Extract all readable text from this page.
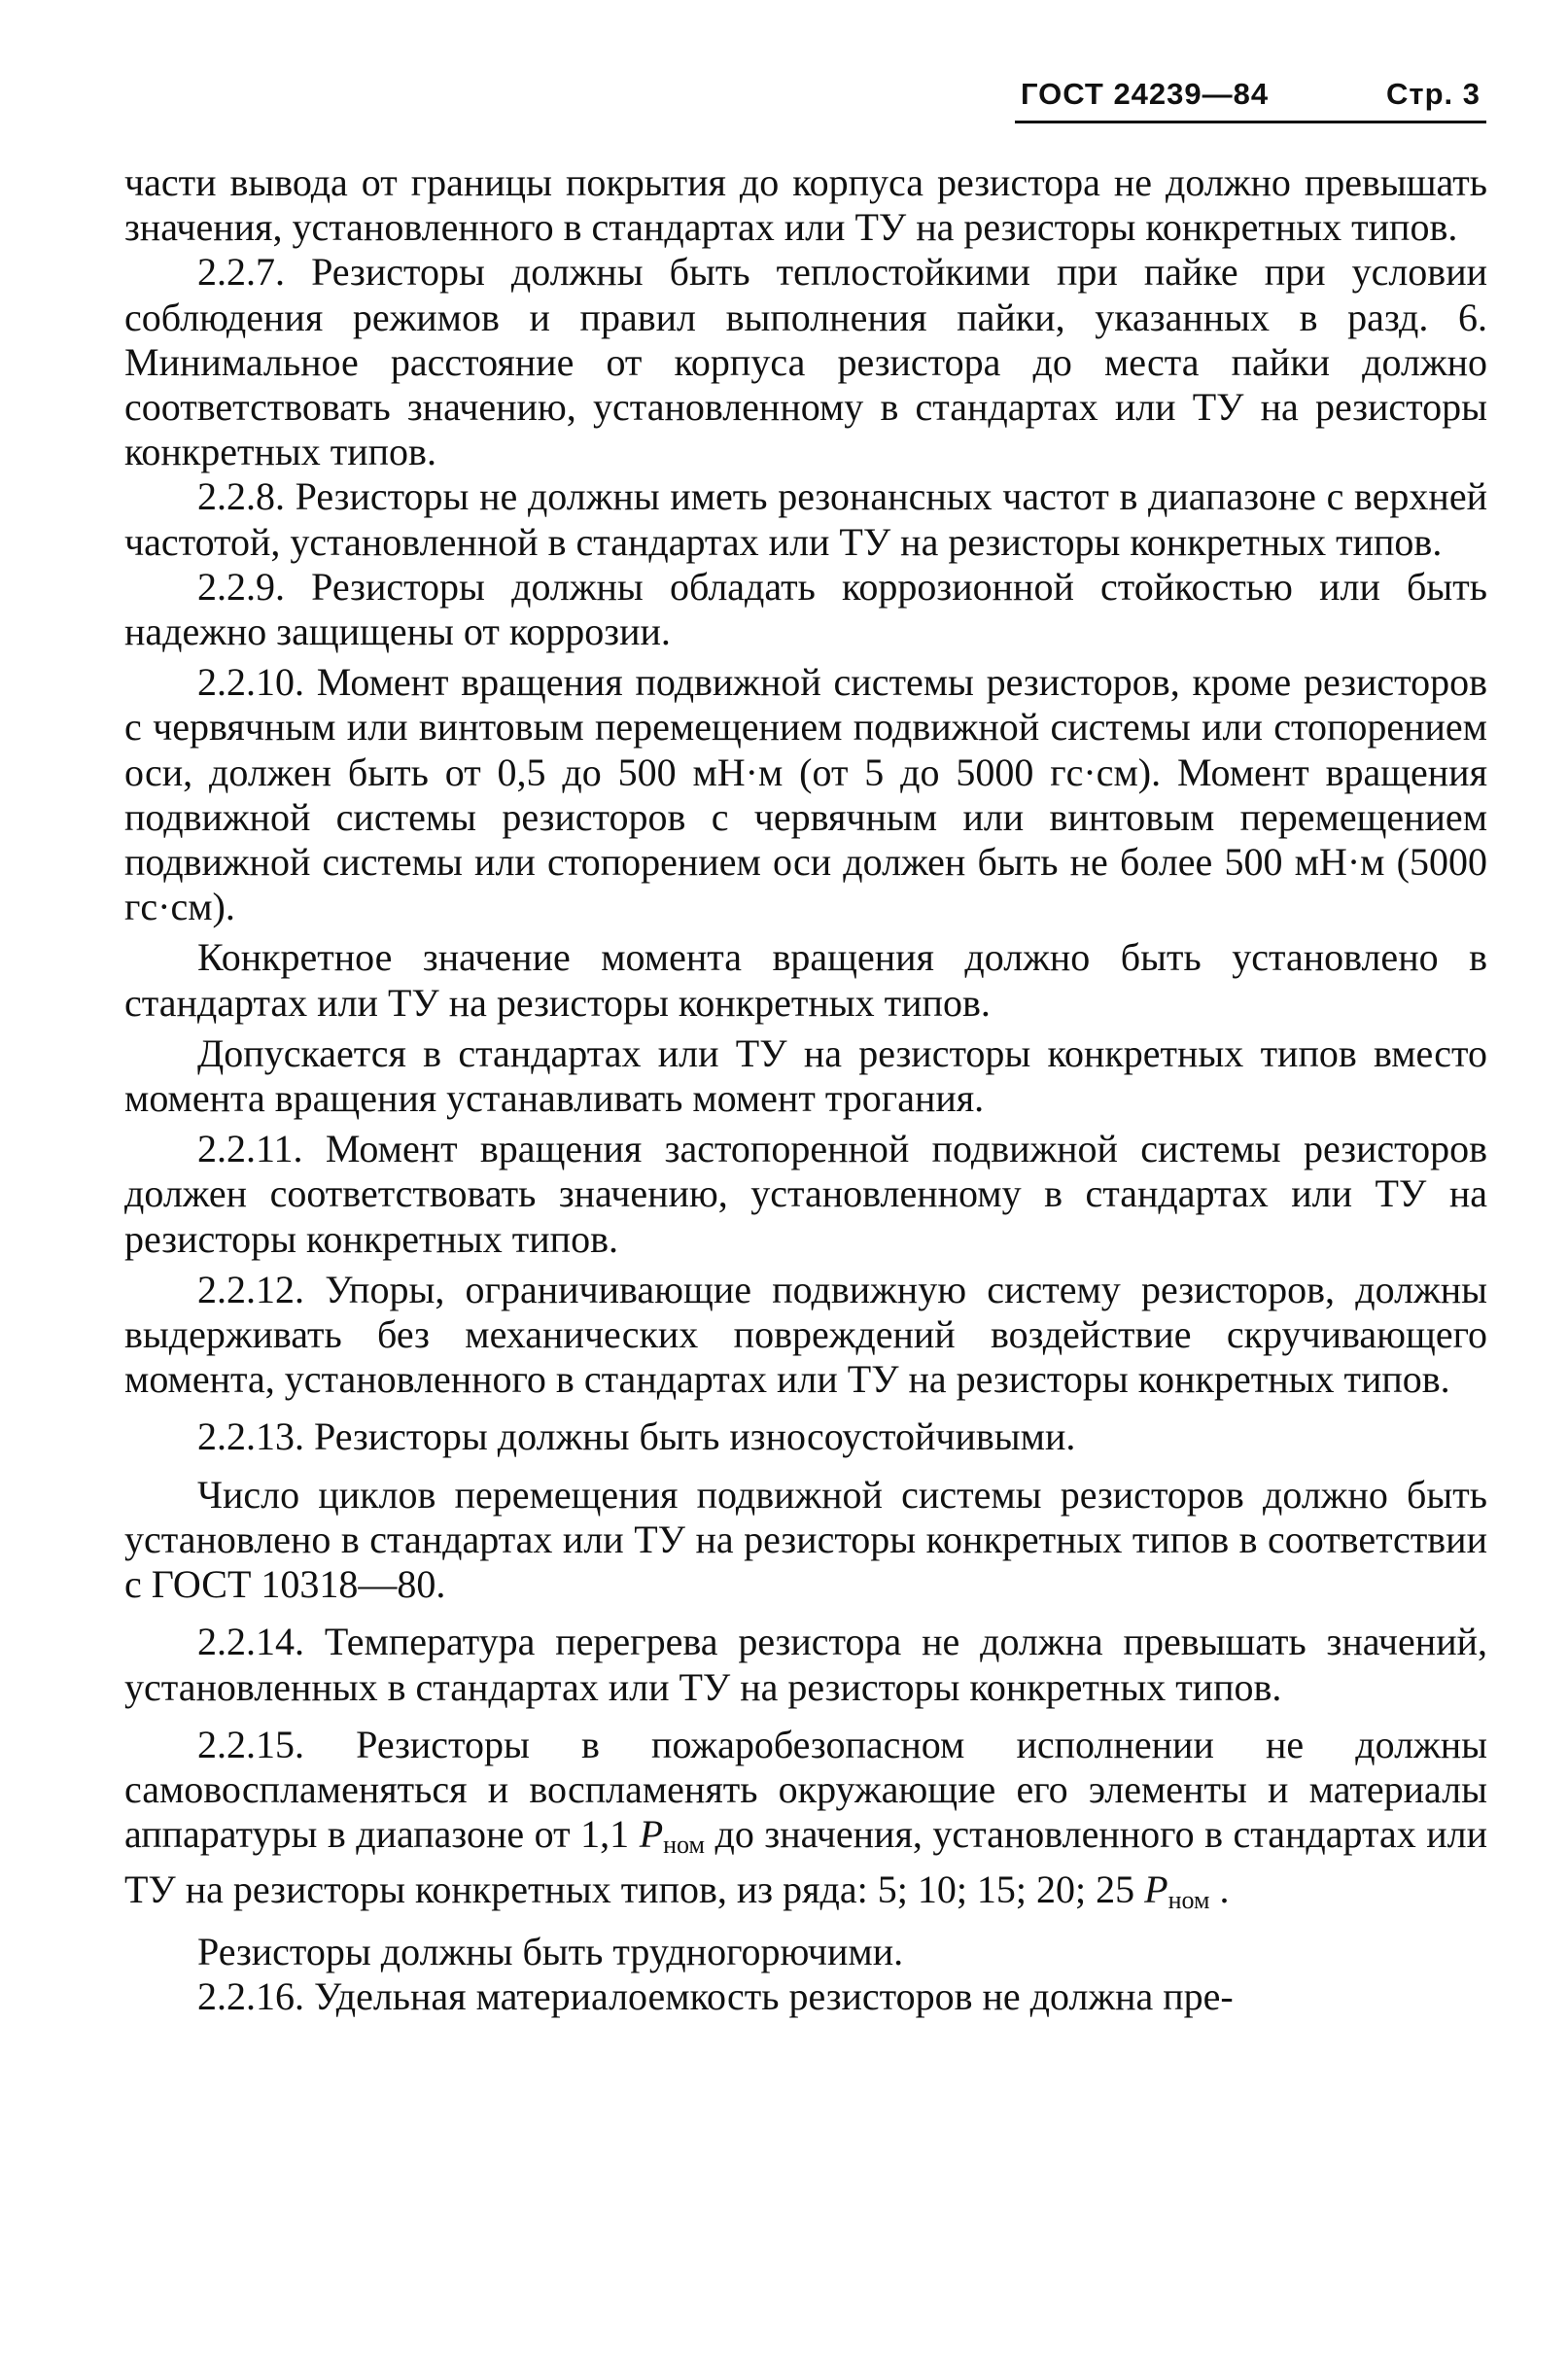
ГОСТ 24239—84	Стр. 3

части вывода от границы покрытия до корпуса резистора не должно превышать значения, установленного в стандартах или ТУ на резисторы конкретных типов.

2.2.7. Резисторы должны быть теплостойкими при пайке при условии соблюдения режимов и правил выполнения пайки, указанных в разд. 6. Минимальное расстояние от корпуса резистора до места пайки должно соответствовать значению, установленному в стандартах или ТУ на резисторы конкретных типов.

2.2.8. Резисторы не должны иметь резонансных частот в диапазоне с верхней частотой, установленной в стандартах или ТУ на резисторы конкретных типов.

2.2.9. Резисторы должны обладать коррозионной стойкостью или быть надежно защищены от коррозии.

2.2.10. Момент вращения подвижной системы резисторов, кроме резисторов с червячным или винтовым перемещением подвижной системы или стопорением оси, должен быть от 0,5 до 500 мН·м (от 5 до 5000 гс·см). Момент вращения подвижной системы резисторов с червячным или винтовым перемещением подвижной системы или стопорением оси должен быть не более 500 мН·м (5000 гс·см).

Конкретное значение момента вращения должно быть установлено в стандартах или ТУ на резисторы конкретных типов.

Допускается в стандартах или ТУ на резисторы конкретных типов вместо момента вращения устанавливать момент трогания.

2.2.11. Момент вращения застопоренной подвижной системы резисторов должен соответствовать значению, установленному в стандартах или ТУ на резисторы конкретных типов.

2.2.12. Упоры, ограничивающие подвижную систему резисторов, должны выдерживать без механических повреждений воздействие скручивающего момента, установленного в стандартах или ТУ на резисторы конкретных типов.

2.2.13. Резисторы должны быть износоустойчивыми.

Число циклов перемещения подвижной системы резисторов должно быть установлено в стандартах или ТУ на резисторы конкретных типов в соответствии с ГОСТ 10318—80.

2.2.14. Температура перегрева резистора не должна превышать значений, установленных в стандартах или ТУ на резисторы конкретных типов.

2.2.15. Резисторы в пожаробезопасном исполнении не должны самовоспламеняться и воспламенять окружающие его элементы и материалы аппаратуры в диапазоне от 1,1 $P_{ном}$ до значения, установленного в стандартах или ТУ на резисторы конкретных типов, из ряда: 5; 10; 15; 20; 25 $P_{ном}$ .

Резисторы должны быть трудногорючими.

2.2.16. Удельная материалоемкость резисторов не должна пре-
